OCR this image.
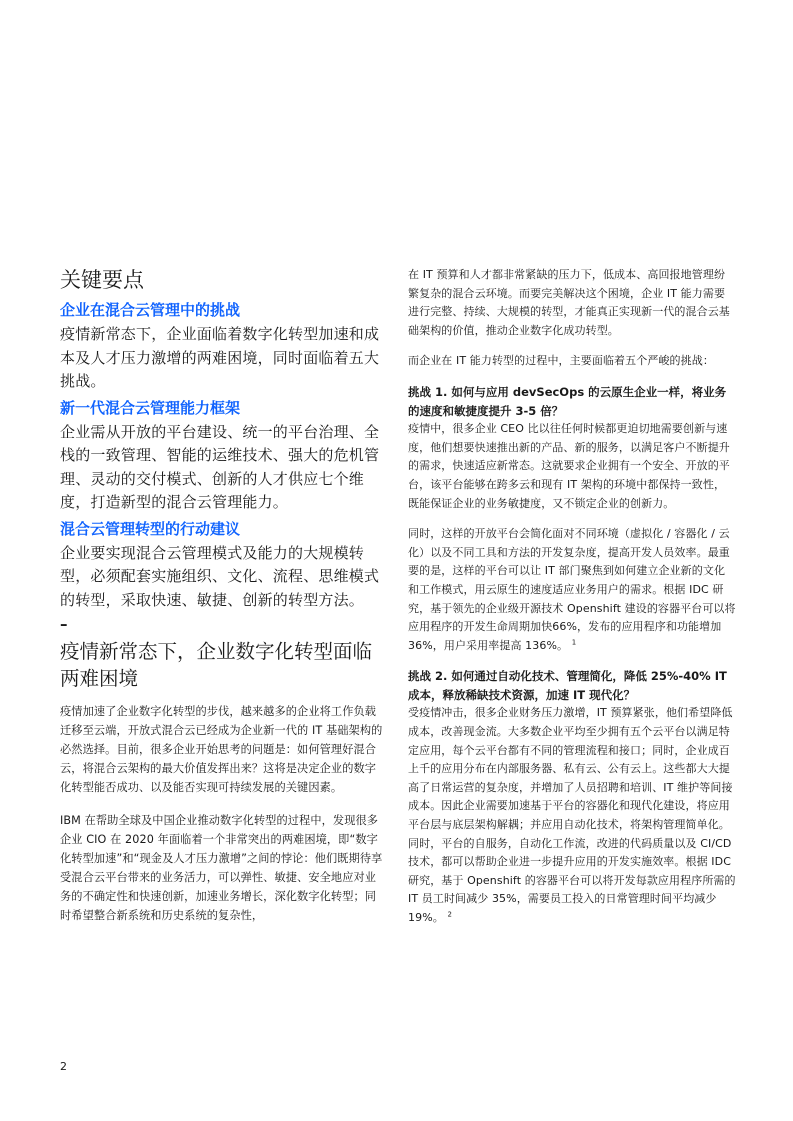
关键要点
企业在混合云管理中的挑战

疫情新常态下，企业面临着数字化转型加速和成本及人才压力激增的两难困境，同时面临着五大挑战。

新一代混合云管理能力框架

企业需从开放的平台建设、统一的平台治理、全栈的一致管理、智能的运维技术、强大的危机管理、灵动的交付模式、创新的人才供应七个维度，打造新型的混合云管理能力。

混合云管理转型的行动建议

企业要实现混合云管理模式及能力的大规模转型，必须配套实施组织、文化、流程、思维模式的转型，采取快速、敏捷、创新的转型方法。

–
疫情新常态下，企业数字化转型面临两难困境

疫情加速了企业数字化转型的步伐，越来越多的企业将工作负载迁移至云端，开放式混合云已经成为企业新一代的 IT 基础架构的必然选择。目前，很多企业开始思考的问题是：如何管理好混合云，将混合云架构的最大价值发挥出来？这将是决定企业的数字化转型能否成功、以及能否实现可持续发展的关键因素。

IBM 在帮助全球及中国企业推动数字化转型的过程中，发现很多企业 CIO 在 2020 年面临着一个非常突出的两难困境，即“数字化转型加速”和“现金及人才压力激增”之间的悖论：他们既期待享受混合云平台带来的业务活力，可以弹性、敏捷、安全地应对业务的不确定性和快速创新，加速业务增长，深化数字化转型；同时希望整合新系统和历史系统的复杂性，

在 IT 预算和人才都非常紧缺的压力下，低成本、高回报地管理纷繁复杂的混合云环境。而要完美解决这个困境，企业 IT 能力需要进行完整、持续、大规模的转型，才能真正实现新一代的混合云基础架构的价值，推动企业数字化成功转型。

而企业在 IT 能力转型的过程中，主要面临着五个严峻的挑战：

挑战 1. 如何与应用 devSecOps 的云原生企业一样，将业务的速度和敏捷度提升 3-5 倍？

疫情中，很多企业 CEO 比以往任何时候都更迫切地需要创新与速度，他们想要快速推出新的产品、新的服务，以满足客户不断提升的需求，快速适应新常态。这就要求企业拥有一个安全、开放的平台，该平台能够在跨多云和现有 IT 架构的环境中都保持一致性，既能保证企业的业务敏捷度，又不锁定企业的创新力。

同时，这样的开放平台会简化面对不同环境（虚拟化 / 容器化 / 云化）以及不同工具和方法的开发复杂度，提高开发人员效率。最重要的是，这样的平台可以让 IT 部门聚焦到如何建立企业新的文化和工作模式，用云原生的速度适应业务用户的需求。根据 IDC 研究，基于领先的企业级开源技术 Openshift 建设的容器平台可以将应用程序的开发生命周期加快66%，发布的应用程序和功能增加 36%，用户采用率提高 136%。 $^1$

挑战 2. 如何通过自动化技术、管理简化，降低 25%-40% IT 成本，释放稀缺技术资源，加速 IT 现代化？

受疫情冲击，很多企业财务压力激增，IT 预算紧张，他们希望降低成本，改善现金流。大多数企业平均至少拥有五个云平台以满足特定应用，每个云平台都有不同的管理流程和接口；同时，企业成百上千的应用分布在内部服务器、私有云、公有云上。这些都大大提高了日常运营的复杂度，并增加了人员招聘和培训、IT 维护等间接成本。因此企业需要加速基于平台的容器化和现代化建设，将应用平台层与底层架构解耦；并应用自动化技术，将架构管理简单化。同时，平台的自服务，自动化工作流，改进的代码质量以及 CI/CD 技术，都可以帮助企业进一步提升应用的开发实施效率。根据 IDC 研究，基于 Openshift 的容器平台可以将开发每款应用程序所需的 IT 员工时间减少 35%，需要员工投入的日常管理时间平均减少 19%。 $^2$

2
